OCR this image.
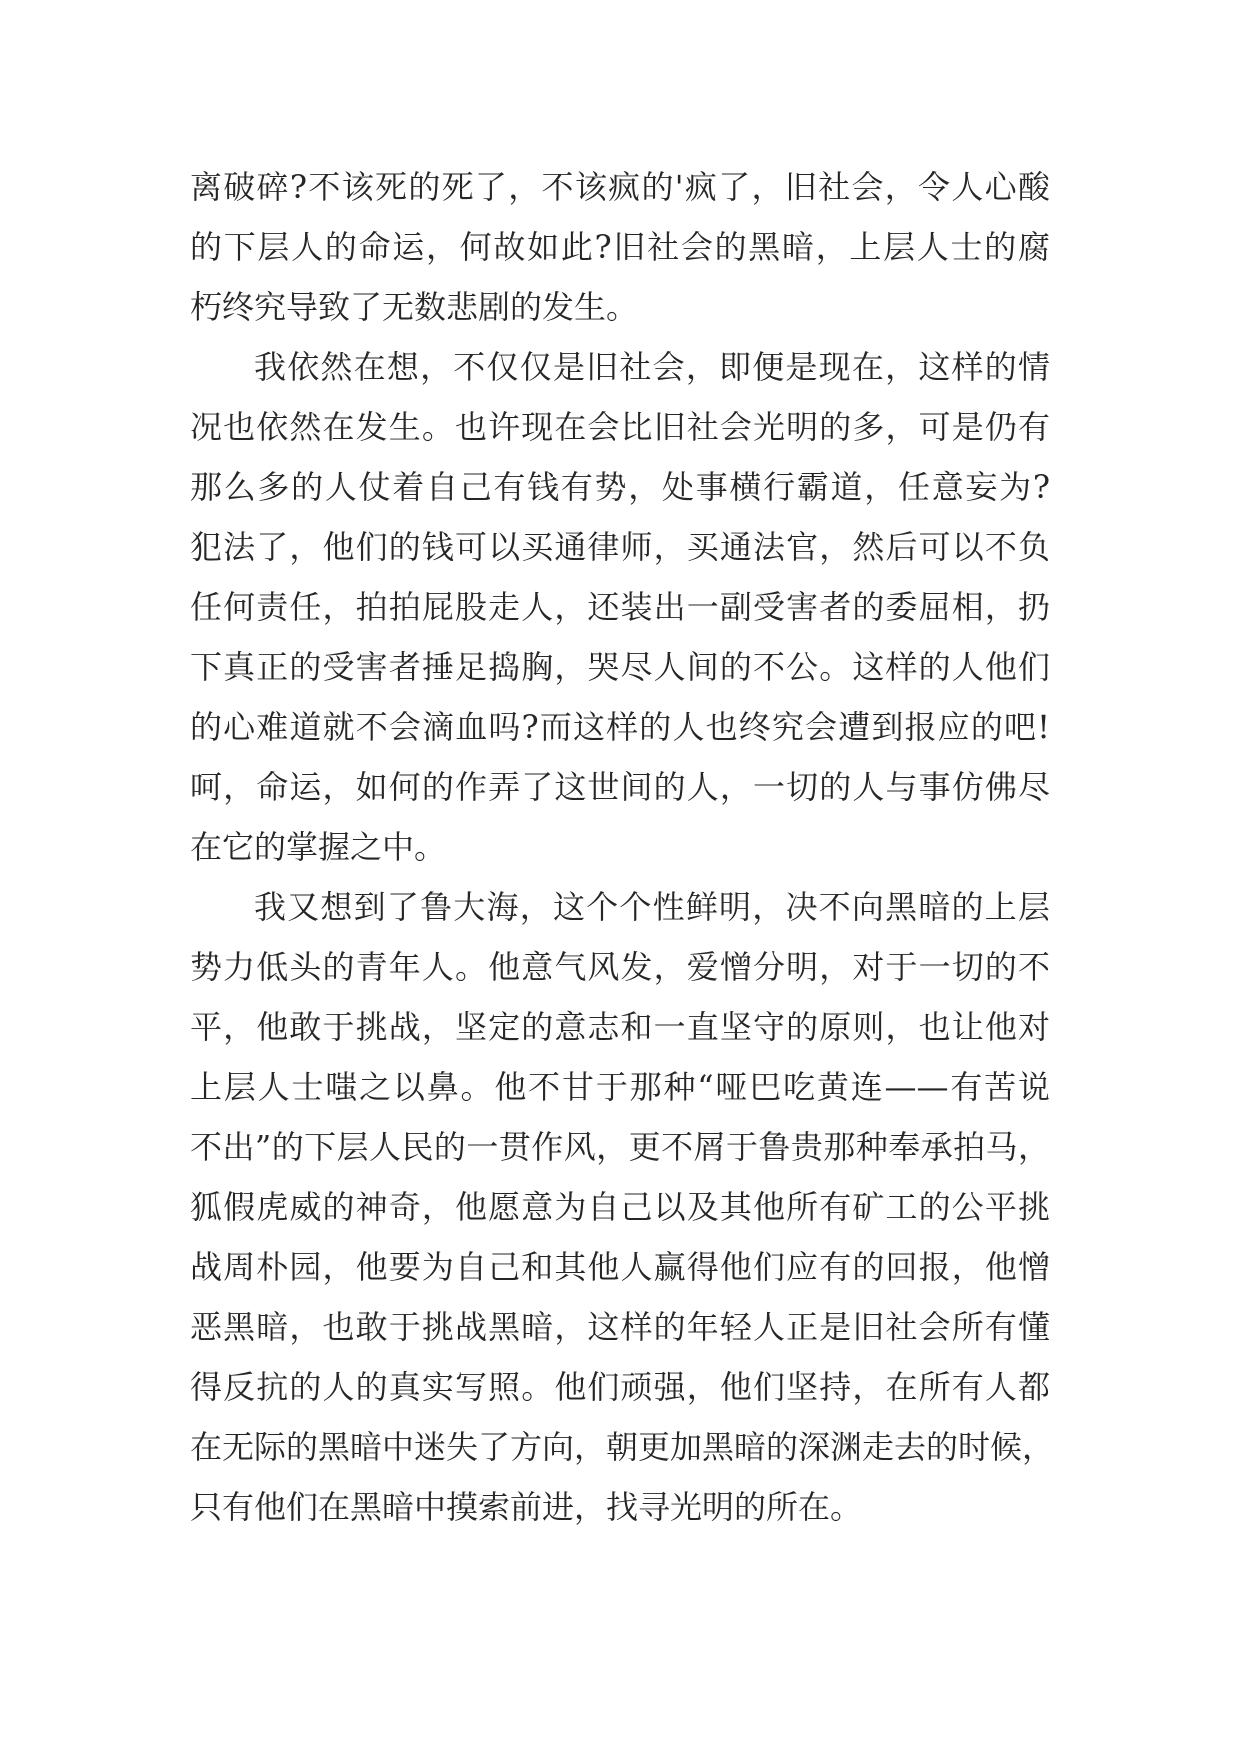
离破碎?不该死的死了，不该疯的'疯了，旧社会，令人心酸
的下层人的命运，何故如此?旧社会的黑暗，上层人士的腐
朽终究导致了无数悲剧的发生。
我依然在想，不仅仅是旧社会，即便是现在，这样的情
况也依然在发生。也许现在会比旧社会光明的多，可是仍有
那么多的人仗着自己有钱有势，处事横行霸道，任意妄为?
犯法了，他们的钱可以买通律师，买通法官，然后可以不负
任何责任，拍拍屁股走人，还装出一副受害者的委屈相，扔
下真正的受害者捶足捣胸，哭尽人间的不公。这样的人他们
的心难道就不会滴血吗?而这样的人也终究会遭到报应的吧!
呵，命运，如何的作弄了这世间的人，一切的人与事仿佛尽
在它的掌握之中。
我又想到了鲁大海，这个个性鲜明，决不向黑暗的上层
势力低头的青年人。他意气风发，爱憎分明，对于一切的不
平，他敢于挑战，坚定的意志和一直坚守的原则，也让他对
上层人士嗤之以鼻。他不甘于那种“哑巴吃黄连——有苦说
不出”的下层人民的一贯作风，更不屑于鲁贵那种奉承拍马，
狐假虎威的神奇，他愿意为自己以及其他所有矿工的公平挑
战周朴园，他要为自己和其他人赢得他们应有的回报，他憎
恶黑暗，也敢于挑战黑暗，这样的年轻人正是旧社会所有懂
得反抗的人的真实写照。他们顽强，他们坚持，在所有人都
在无际的黑暗中迷失了方向，朝更加黑暗的深渊走去的时候，
只有他们在黑暗中摸索前进，找寻光明的所在。
